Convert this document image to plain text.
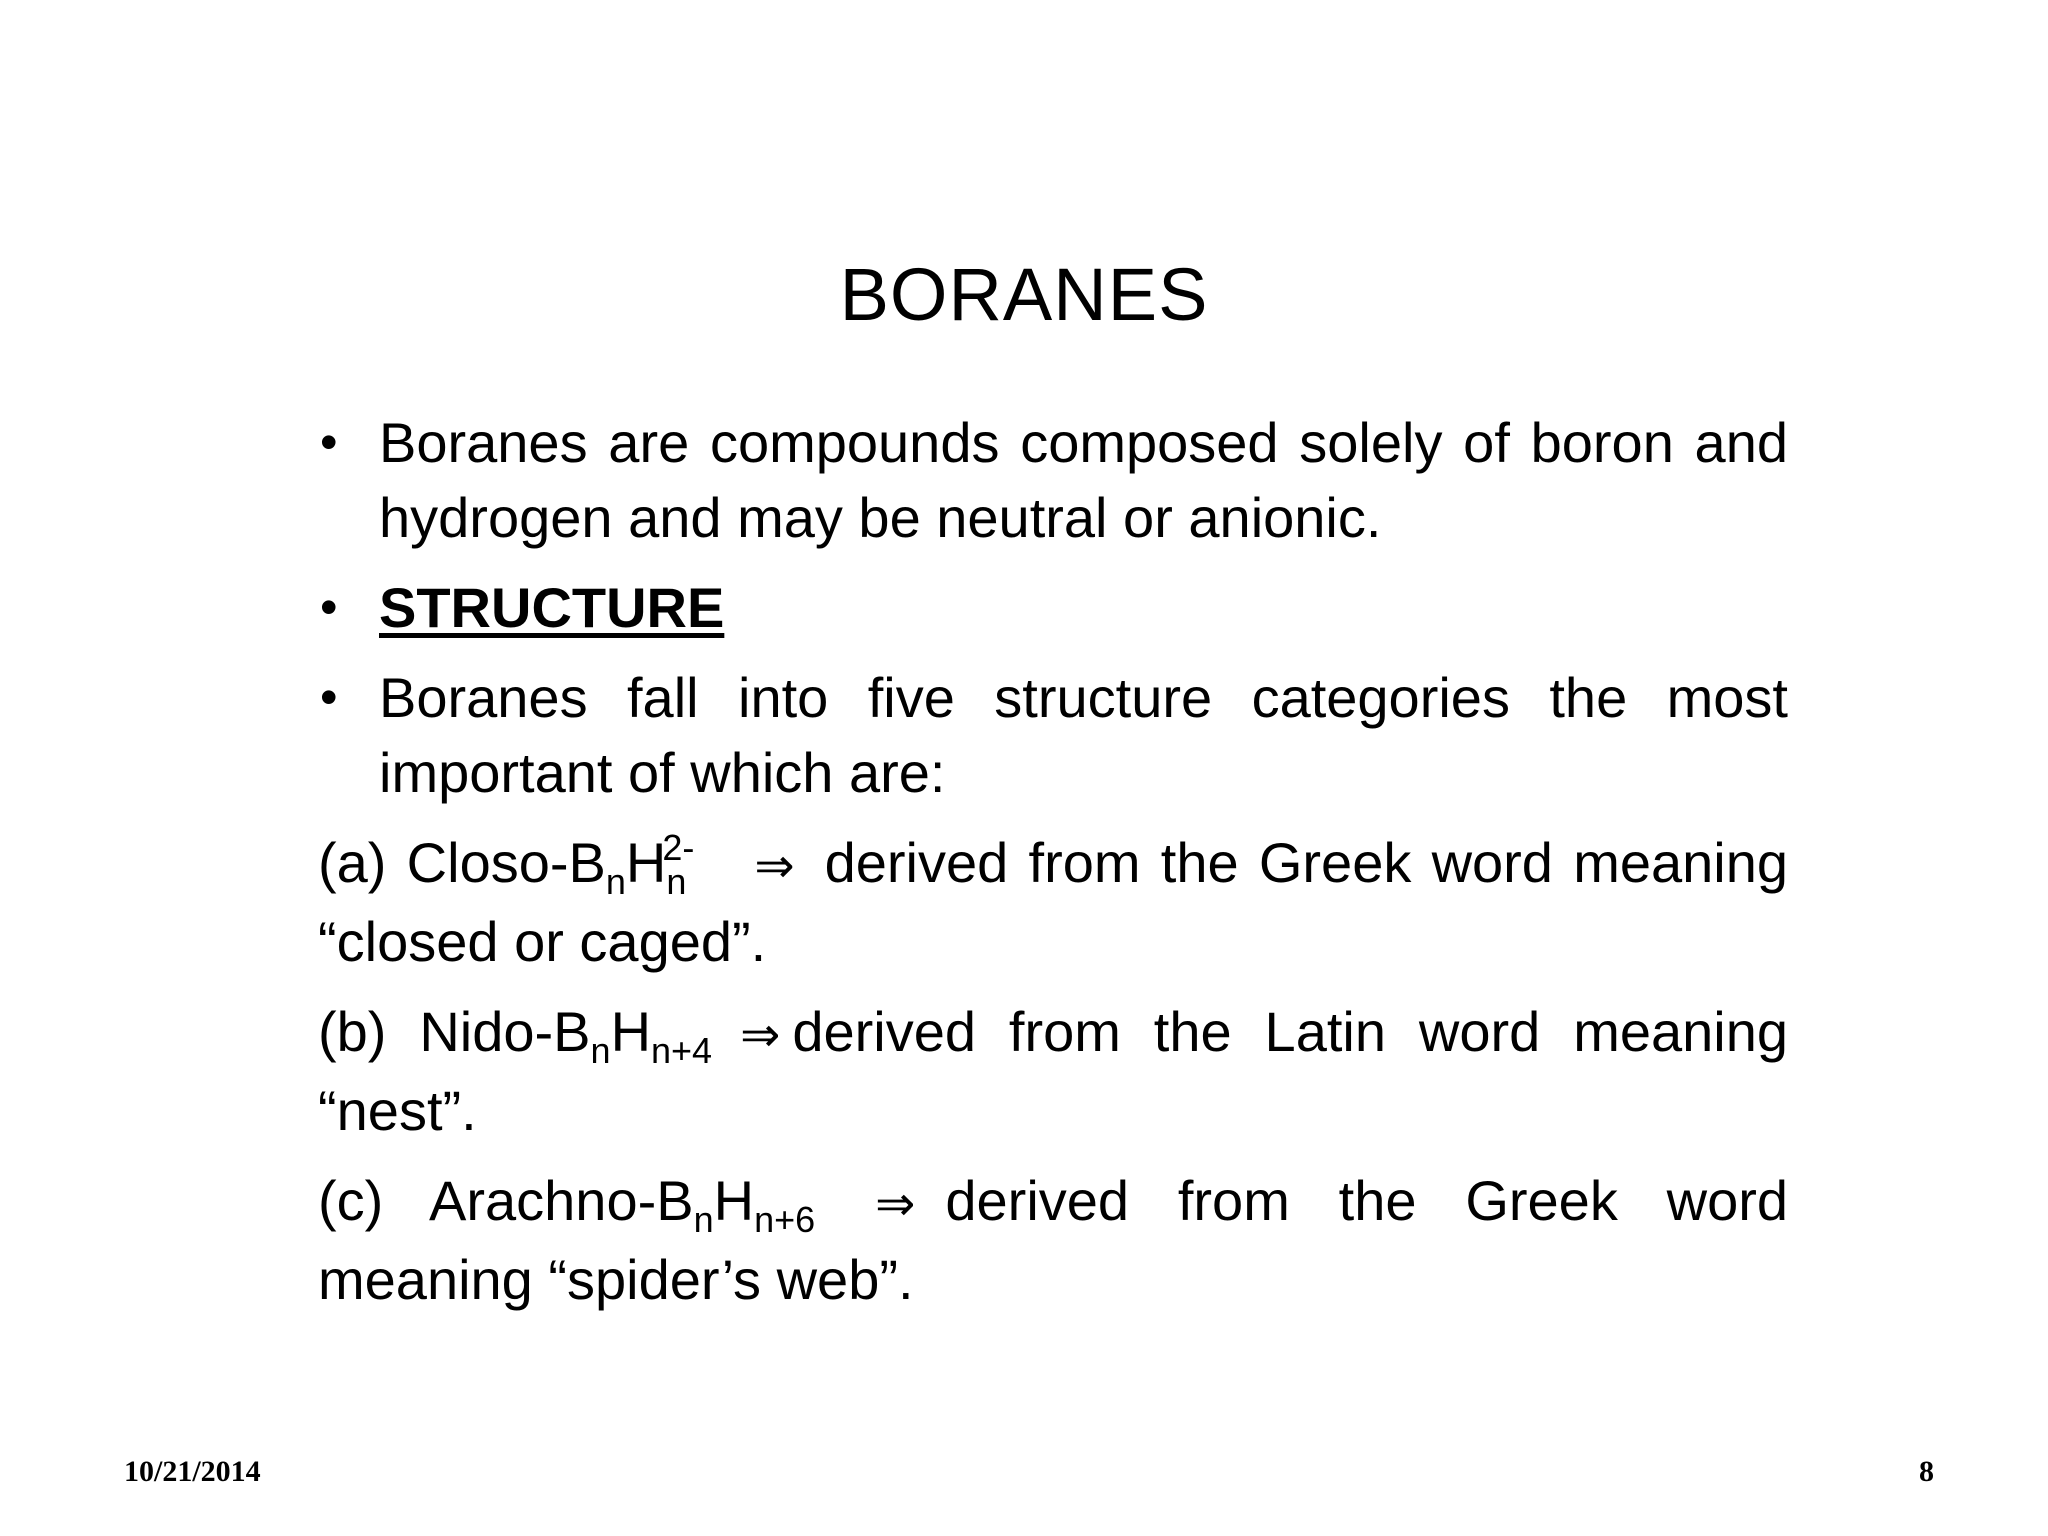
BORANES
• Boranes are compounds composed solely of boron and hydrogen and may be neutral or anionic.
• STRUCTURE
• Boranes fall into five structure categories the most important of which are:
(a) Closo-$B_nH_n^{2-}$ ⇒ derived from the Greek word meaning “closed or caged”.
(b) Nido-$B_nH_{n+4}$ ⇒ derived from the Latin word meaning “nest”.
(c) Arachno-$B_nH_{n+6}$ ⇒ derived from the Greek word meaning “spider’s web”.
10/21/2014	8
